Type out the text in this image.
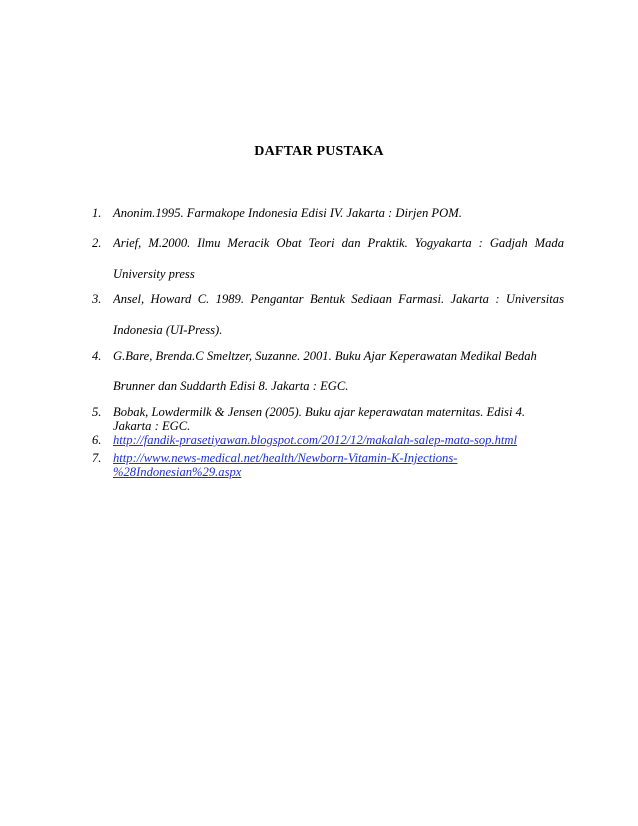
DAFTAR PUSTAKA
1. Anonim.1995. Farmakope Indonesia Edisi IV. Jakarta : Dirjen POM.
2. Arief, M.2000. Ilmu Meracik Obat Teori dan Praktik. Yogyakarta : Gadjah Mada
University press
3. Ansel, Howard C. 1989. Pengantar Bentuk Sediaan Farmasi. Jakarta : Universitas
Indonesia (UI-Press).
4. G.Bare, Brenda.C Smeltzer, Suzanne. 2001. Buku Ajar Keperawatan Medikal Bedah
Brunner dan Suddarth Edisi 8. Jakarta : EGC.
5. Bobak, Lowdermilk & Jensen (2005). Buku ajar keperawatan maternitas. Edisi 4.
Jakarta : EGC.
6. http://fandik-prasetiyawan.blogspot.com/2012/12/makalah-salep-mata-sop.html
7. http://www.news-medical.net/health/Newborn-Vitamin-K-Injections-
%28Indonesian%29.aspx
